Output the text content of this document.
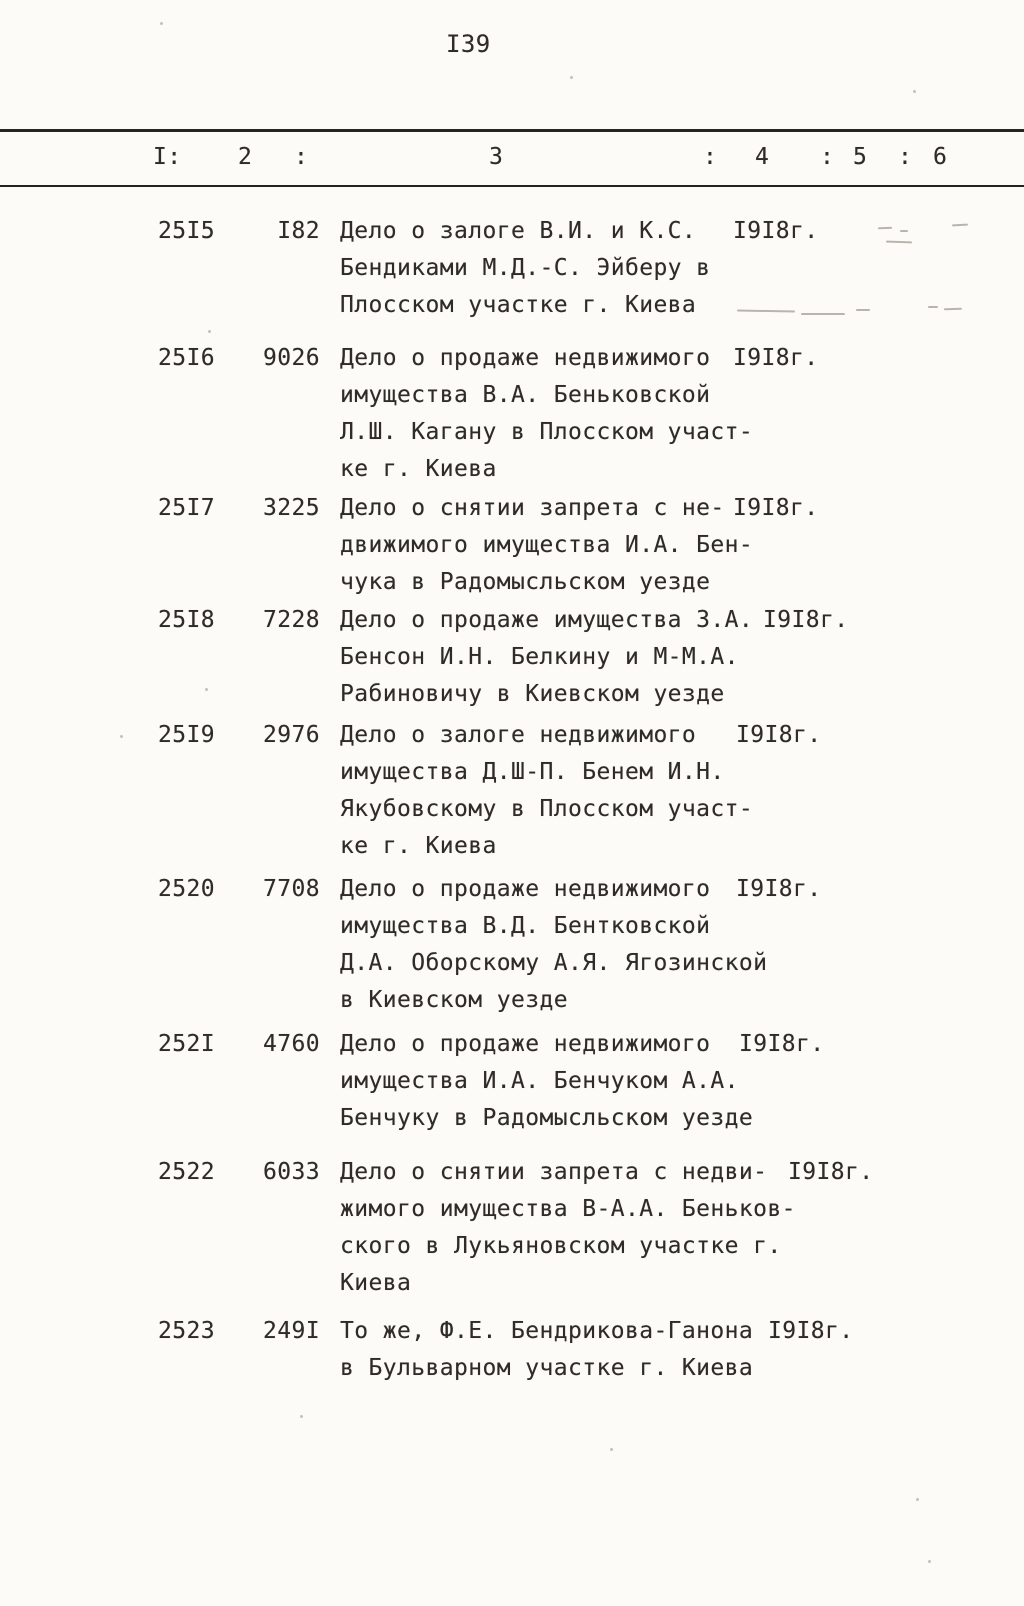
I39
I: 2 :	3	: 4 : 5 : 6
25I5	I82 Дело о залоге В.И. и К.С.
Бендиками М.Д.-С. Эйберу в
Плосском участке г. Киева
I9I8г.
25I6	9026 Дело о продаже недвижимого
имущества В.А. Беньковской
Л.Ш. Кагану в Плосском участ-
ке г. Киева
I9I8г.
25I7	3225 Дело о снятии запрета с не-
движимого имущества И.А. Бен-
чука в Радомысльском уезде
I9I8г.
25I8	7228 Дело о продаже имущества З.А.
Бенсон И.Н. Белкину и М-М.А.
Рабиновичу в Киевском уезде
I9I8г.
25I9	2976 Дело о залоге недвижимого
имущества Д.Ш-П. Бенем И.Н.
Якубовскому в Плосском участ-
ке г. Киева
I9I8г.
2520	7708 Дело о продаже недвижимого
имущества В.Д. Бентковской
Д.А. Оборскому А.Я. Ягозинской
в Киевском уезде
I9I8г.
252I	4760 Дело о продаже недвижимого
имущества И.А. Бенчуком А.А.
Бенчуку в Радомысльском уезде
I9I8г.
2522	6033 Дело о снятии запрета с недви-
жимого имущества В-А.А. Беньков-
ского в Лукьяновском участке г.
Киева
I9I8г.
2523	249I То же, Ф.Е. Бендрикова-Ганона
в Бульварном участке г. Киева
I9I8г.
